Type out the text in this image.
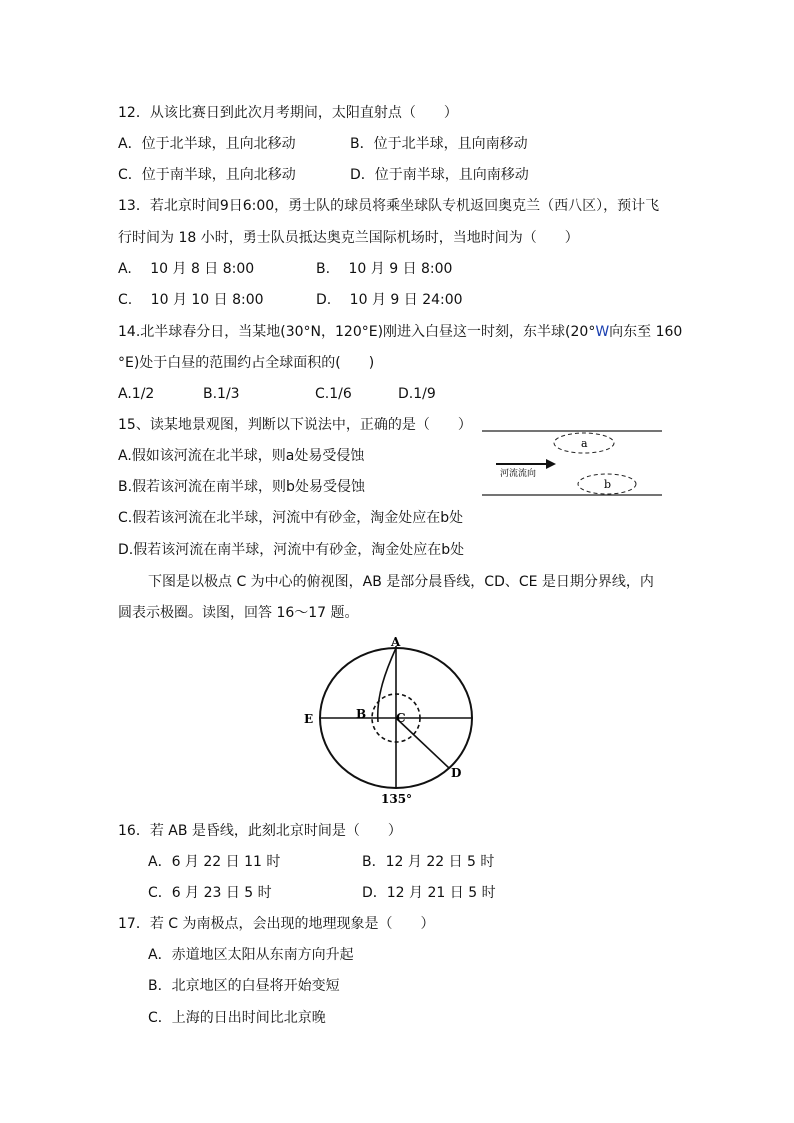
12．从该比赛日到此次月考期间，太阳直射点（　　）
A．位于北半球，且向北移动	B．位于北半球，且向南移动
C．位于南半球，且向北移动	D．位于南半球，且向南移动
13．若北京时间9日6:00，勇士队的球员将乘坐球队专机返回奥克兰（西八区），预计飞
行时间为 18 小时，勇士队员抵达奥克兰国际机场时，当地时间为（　　）
A.　 10 月 8 日 8:00	B.　 10 月 9 日 8:00
C.　 10 月 10 日 8:00	D.　 10 月 9 日 24:00
14.北半球春分日，当某地(30°N，120°E)刚进入白昼这一时刻，东半球(20°W向东至 160
°E)处于白昼的范围约占全球面积的(　　)
A.1/2	B.1/3	C.1/6	D.1/9
15、读某地景观图，判断以下说法中，正确的是（　　）
A.假如该河流在北半球，则a处易受侵蚀
B.假若该河流在南半球，则b处易受侵蚀
C.假若该河流在北半球，河流中有砂金，淘金处应在b处
D.假若该河流在南半球，河流中有砂金，淘金处应在b处
a
b
河流流向
下图是以极点 C 为中心的俯视图，AB 是部分晨昏线，CD、CE 是日期分界线，内
圆表示极圈。读图，回答 16～17 题。
A
B C
D
E
135°
16．若 AB 是昏线，此刻北京时间是（　　）
A．6 月 22 日 11 时	B．12 月 22 日 5 时
C．6 月 23 日 5 时	D．12 月 21 日 5 时
17．若 C 为南极点，会出现的地理现象是（　　）
A．赤道地区太阳从东南方向升起
B．北京地区的白昼将开始变短
C．上海的日出时间比北京晚
